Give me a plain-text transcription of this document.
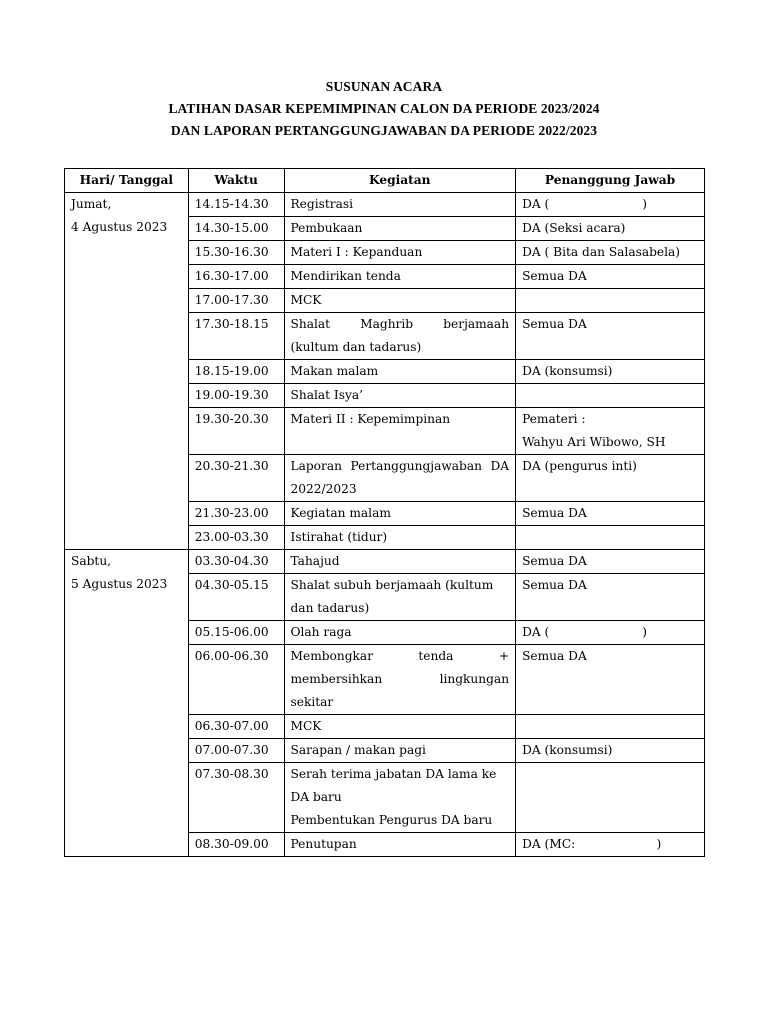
SUSUNAN ACARA
LATIHAN DASAR KEPEMIMPINAN CALON DA PERIODE 2023/2024
DAN LAPORAN PERTANGGUNGJAWABAN DA PERIODE 2022/2023
Hari/ Tanggal	Waktu	Kegiatan	Penanggung Jawab

Jumat,
4 Agustus 2023	14.15-14.30	Registrasi	DA (                        )

	14.30-15.00	Pembukaan	DA (Seksi acara)

	15.30-16.30	Materi I : Kepanduan	DA ( Bita dan Salasabela)

	16.30-17.00	Mendirikan tenda	Semua DA

	17.00-17.30	MCK	

	17.30-18.15	Shalat Maghrib berjamaah
(kultum dan tadarus)	Semua DA

	18.15-19.00	Makan malam	DA (konsumsi)

	19.00-19.30	Shalat Isya’	

	19.30-20.30	Materi II : Kepemimpinan	Pemateri :
Wahyu Ari Wibowo, SH

	20.30-21.30	Laporan Pertanggungjawaban DA
2022/2023	DA (pengurus inti)

	21.30-23.00	Kegiatan malam	Semua DA

	23.00-03.30	Istirahat (tidur)	

Sabtu,
5 Agustus 2023	03.30-04.30	Tahajud	Semua DA

	04.30-05.15	Shalat subuh berjamaah (kultum
dan tadarus)	Semua DA

	05.15-06.00	Olah raga	DA (                        )

	06.00-06.30	Membongkar tenda +
membersihkan lingkungan
sekitar	Semua DA

	06.30-07.00	MCK	

	07.00-07.30	Sarapan / makan pagi	DA (konsumsi)

	07.30-08.30	Serah terima jabatan DA lama ke
DA baru
Pembentukan Pengurus DA baru	

	08.30-09.00	Penutupan	DA (MC:                     )
